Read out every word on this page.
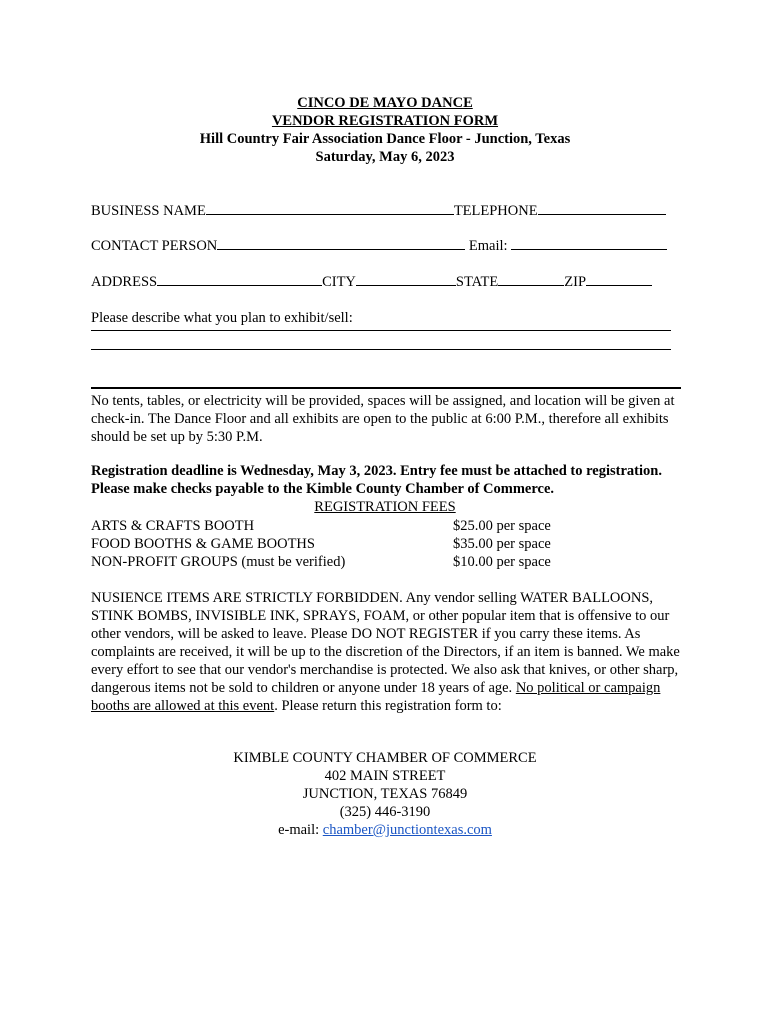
CINCO DE MAYO DANCE
VENDOR REGISTRATION FORM
Hill Country Fair Association Dance Floor - Junction, Texas
Saturday, May 6, 2023
BUSINESS NAME	TELEPHONE
CONTACT PERSON	Email:
ADDRESS	CITY	STATE	ZIP
Please describe what you plan to exhibit/sell:
No tents, tables, or electricity will be provided, spaces will be assigned, and location will be given at check-in. The Dance Floor and all exhibits are open to the public at 6:00 P.M., therefore all exhibits should be set up by 5:30 P.M.
Registration deadline is Wednesday, May 3, 2023. Entry fee must be attached to registration. Please make checks payable to the Kimble County Chamber of Commerce.
REGISTRATION FEES
ARTS & CRAFTS BOOTH	$25.00 per space
FOOD BOOTHS & GAME BOOTHS	$35.00 per space
NON-PROFIT GROUPS (must be verified)	$10.00 per space
NUSIENCE ITEMS ARE STRICTLY FORBIDDEN. Any vendor selling WATER BALLOONS, STINK BOMBS, INVISIBLE INK, SPRAYS, FOAM, or other popular item that is offensive to our other vendors, will be asked to leave. Please DO NOT REGISTER if you carry these items. As complaints are received, it will be up to the discretion of the Directors, if an item is banned. We make every effort to see that our vendor's merchandise is protected. We also ask that knives, or other sharp, dangerous items not be sold to children or anyone under 18 years of age. No political or campaign booths are allowed at this event. Please return this registration form to:
KIMBLE COUNTY CHAMBER OF COMMERCE
402 MAIN STREET
JUNCTION, TEXAS 76849
(325) 446-3190
e-mail: chamber@junctiontexas.com
